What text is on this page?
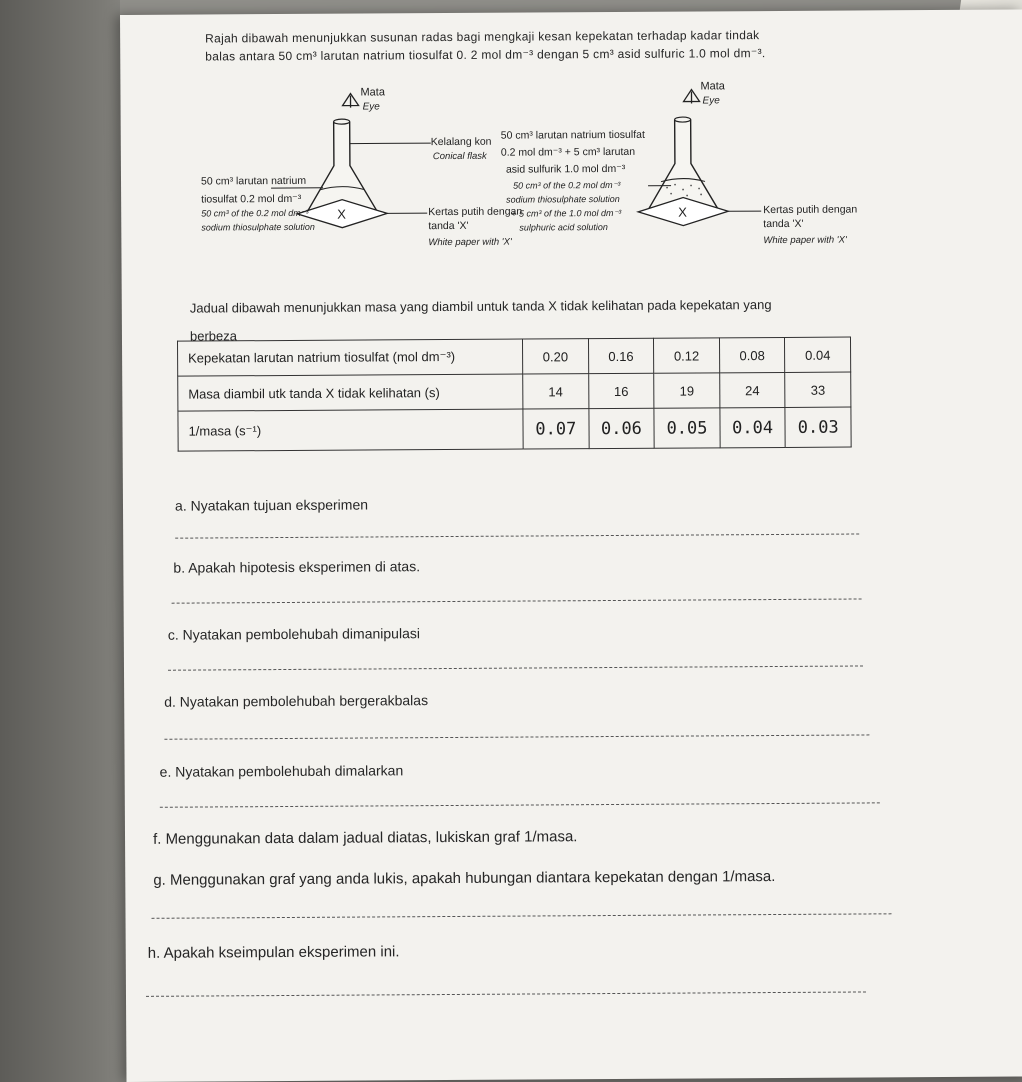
Rajah dibawah menunjukkan susunan radas bagi mengkaji kesan kepekatan terhadap kadar tindak
balas antara 50 cm³ larutan natrium tiosulfat 0. 2 mol dm⁻³ dengan 5 cm³ asid sulfuric 1.0 mol dm⁻³.
Mata
Eye
X
Kelalang kon
Conical flask
50 cm³ larutan natrium
tiosulfat 0.2 mol dm⁻³
50 cm³ of the 0.2 mol dm⁻³
sodium thiosulphate solution
Kertas putih dengan
tanda 'X'
White paper with 'X'
Mata
Eye
X
50 cm³ larutan natrium tiosulfat
0.2 mol dm⁻³ + 5 cm³ larutan
asid sulfurik 1.0 mol dm⁻³
50 cm³ of the 0.2 mol dm⁻³
sodium thiosulphate solution
+ 5 cm³ of the 1.0 mol dm⁻³
sulphuric acid solution
Kertas putih dengan
tanda 'X'
White paper with 'X'
Jadual dibawah menunjukkan masa yang diambil untuk tanda X tidak kelihatan pada kepekatan yang
berbeza
Kepekatan larutan natrium tiosulfat (mol dm⁻³)	0.20	0.16	0.12	0.08	0.04
Masa diambil utk tanda X tidak kelihatan (s)	14	16	19	24	33
1/masa (s⁻¹)	0.07	0.06	0.05	0.04	0.03
a. Nyatakan tujuan eksperimen
b. Apakah hipotesis eksperimen di atas.
c. Nyatakan pembolehubah dimanipulasi
d. Nyatakan pembolehubah bergerakbalas
e. Nyatakan pembolehubah dimalarkan
f. Menggunakan data dalam jadual diatas, lukiskan graf 1/masa.
g. Menggunakan graf yang anda lukis, apakah hubungan diantara kepekatan dengan 1/masa.
h. Apakah kseimpulan eksperimen ini.
